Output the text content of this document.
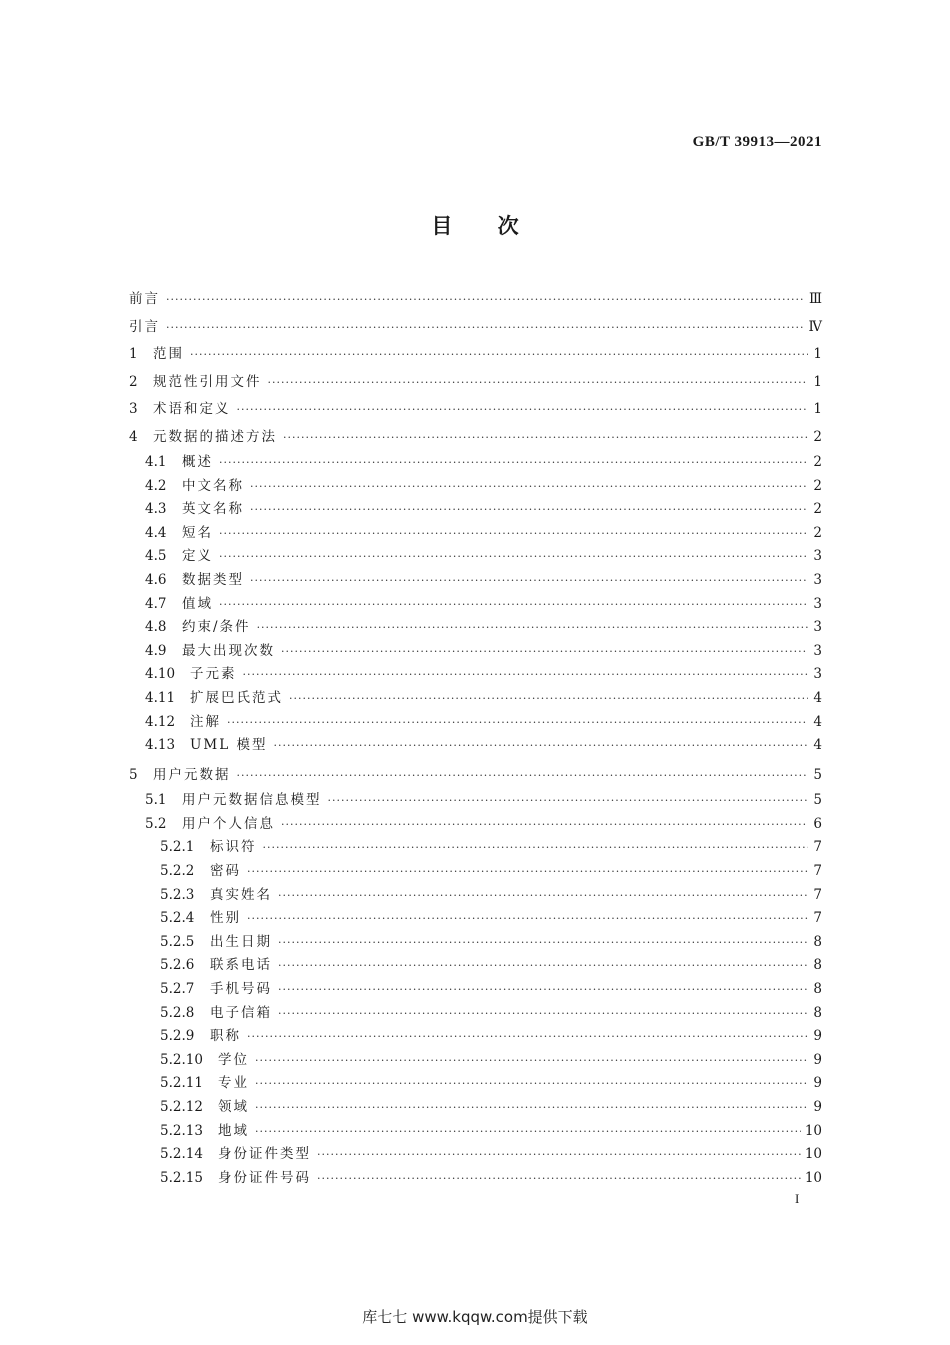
GB/T 39913—2021
目 次
前言 ·····	Ⅲ
引言 ·····	Ⅳ
1	范围 ·····	1
2	规范性引用文件 ·····	1
3	术语和定义 ·····	1
4	元数据的描述方法 ·····	2
4.1	概述 ·····	2
4.2	中文名称 ·····	2
4.3	英文名称 ·····	2
4.4	短名 ·····	2
4.5	定义 ·····	3
4.6	数据类型 ·····	3
4.7	值域 ·····	3
4.8	约束/条件 ·····	3
4.9	最大出现次数 ·····	3
4.10	子元素 ·····	3
4.11	扩展巴氏范式 ·····	4
4.12	注解 ·····	4
4.13	UML 模型 ·····	4
5	用户元数据 ·····	5
5.1	用户元数据信息模型 ·····	5
5.2	用户个人信息 ·····	6
5.2.1	标识符 ·····	7
5.2.2	密码 ·····	7
5.2.3	真实姓名 ·····	7
5.2.4	性别 ·····	7
5.2.5	出生日期 ·····	8
5.2.6	联系电话 ·····	8
5.2.7	手机号码 ·····	8
5.2.8	电子信箱 ·····	8
5.2.9	职称 ·····	9
5.2.10	学位 ·····	9
5.2.11	专业 ·····	9
5.2.12	领域 ·····	9
5.2.13	地域 ·····	10
5.2.14	身份证件类型 ·····	10
5.2.15	身份证件号码 ·····	10
I
库七七 www.kqqw.com提供下载
